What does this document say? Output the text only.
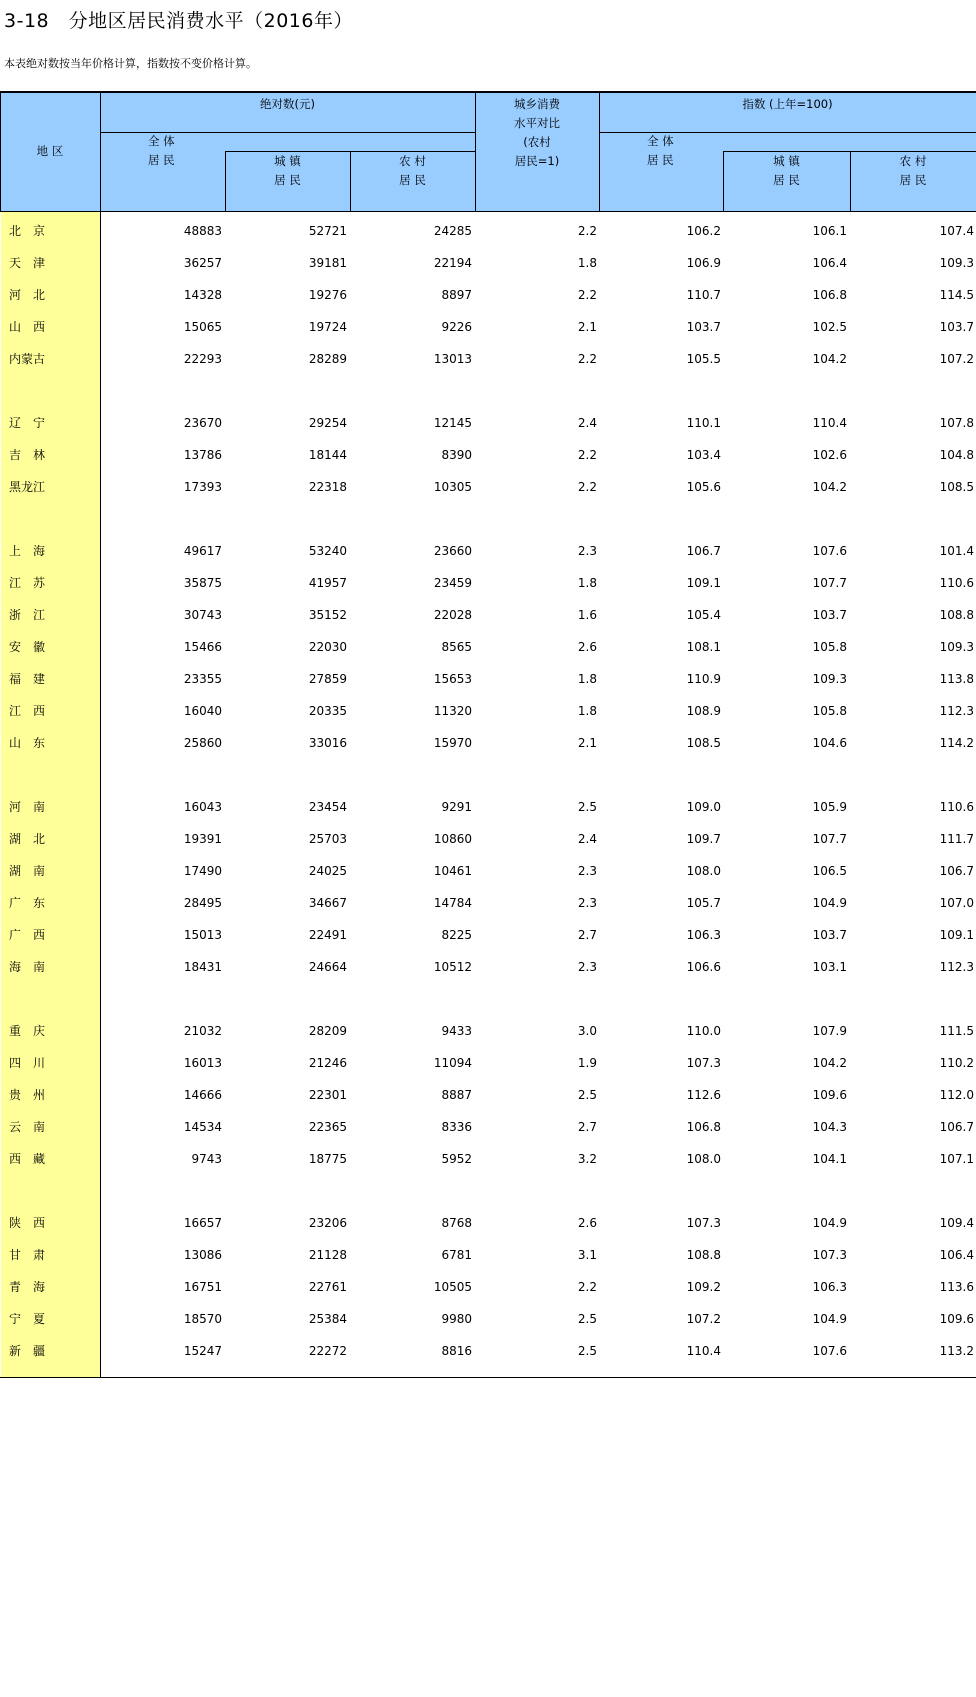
3-18　分地区居民消费水平（2016年）
本表绝对数按当年价格计算，指数按不变价格计算。
地 区
绝对数(元)
全 体
居 民	城 镇
居 民
农 村
居 民
城乡消费
水平对比
(农村
居民=1)
指数 (上年=100)
全 体
居 民	城 镇
居 民
农 村
居 民
北　京	48883	52721	24285	2.2	106.2	106.1	107.4
天　津	36257	39181	22194	1.8	106.9	106.4	109.3
河　北	14328	19276	8897	2.2	110.7	106.8	114.5
山　西	15065	19724	9226	2.1	103.7	102.5	103.7
内蒙古	22293	28289	13013	2.2	105.5	104.2	107.2
辽　宁	23670	29254	12145	2.4	110.1	110.4	107.8
吉　林	13786	18144	8390	2.2	103.4	102.6	104.8
黑龙江	17393	22318	10305	2.2	105.6	104.2	108.5
上　海	49617	53240	23660	2.3	106.7	107.6	101.4
江　苏	35875	41957	23459	1.8	109.1	107.7	110.6
浙　江	30743	35152	22028	1.6	105.4	103.7	108.8
安　徽	15466	22030	8565	2.6	108.1	105.8	109.3
福　建	23355	27859	15653	1.8	110.9	109.3	113.8
江　西	16040	20335	11320	1.8	108.9	105.8	112.3
山　东	25860	33016	15970	2.1	108.5	104.6	114.2
河　南	16043	23454	9291	2.5	109.0	105.9	110.6
湖　北	19391	25703	10860	2.4	109.7	107.7	111.7
湖　南	17490	24025	10461	2.3	108.0	106.5	106.7
广　东	28495	34667	14784	2.3	105.7	104.9	107.0
广　西	15013	22491	8225	2.7	106.3	103.7	109.1
海　南	18431	24664	10512	2.3	106.6	103.1	112.3
重　庆	21032	28209	9433	3.0	110.0	107.9	111.5
四　川	16013	21246	11094	1.9	107.3	104.2	110.2
贵　州	14666	22301	8887	2.5	112.6	109.6	112.0
云　南	14534	22365	8336	2.7	106.8	104.3	106.7
西　藏	9743	18775	5952	3.2	108.0	104.1	107.1
陕　西	16657	23206	8768	2.6	107.3	104.9	109.4
甘　肃	13086	21128	6781	3.1	108.8	107.3	106.4
青　海	16751	22761	10505	2.2	109.2	106.3	113.6
宁　夏	18570	25384	9980	2.5	107.2	104.9	109.6
新　疆	15247	22272	8816	2.5	110.4	107.6	113.2
